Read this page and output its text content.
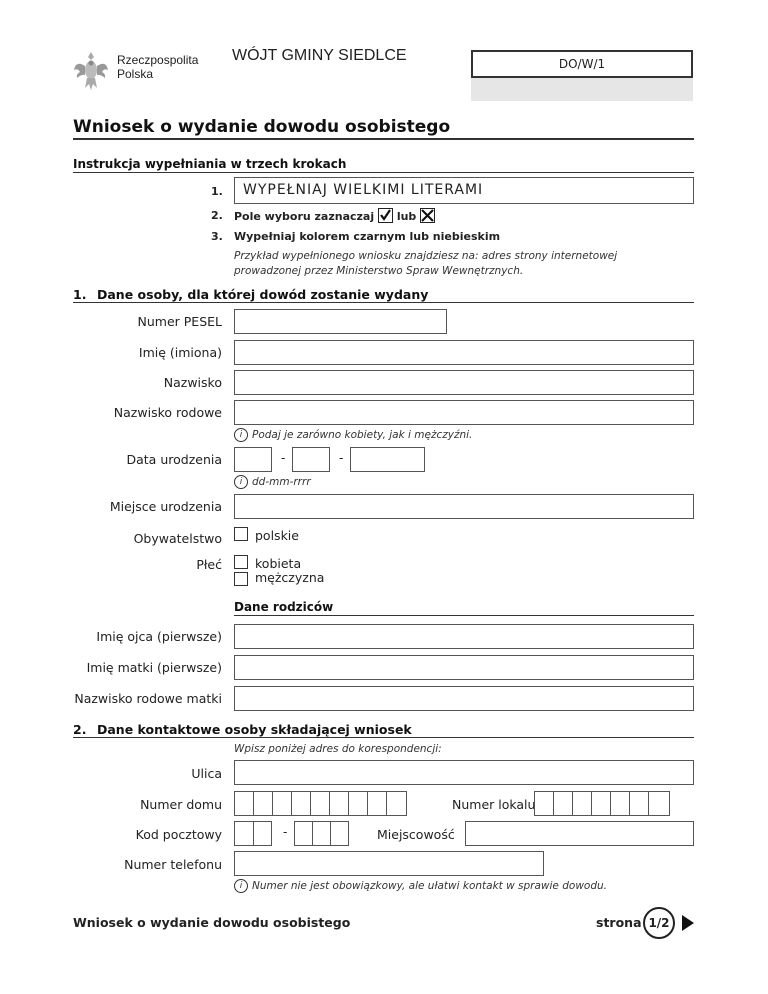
Rzeczpospolita
Polska
WÓJT GMINY SIEDLCE	DO/W/1
Wniosek o wydanie dowodu osobistego
Instrukcja wypełniania w trzech krokach
1. WYPEŁNIAJ WIELKIMI LITERAMI
2. Pole wyboru zaznaczaj lub
3. Wypełniaj kolorem czarnym lub niebieskim
Przykład wypełnionego wniosku znajdziesz na: adres strony internetowej prowadzonej przez Ministerstwo Spraw Wewnętrznych.
1. Dane osoby, dla której dowód zostanie wydany
Numer PESEL
Imię (imiona)
Nazwisko
Nazwisko rodowe
i Podaj je zarówno kobiety, jak i mężczyźni.
Data urodzenia	-	-
i dd-mm-rrrr
Miejsce urodzenia
Obywatelstwo	polskie
Płeć	kobieta
mężczyzna
Dane rodziców
Imię ojca (pierwsze)
Imię matki (pierwsze)
Nazwisko rodowe matki
2. Dane kontaktowe osoby składającej wniosek
Wpisz poniżej adres do korespondencji:
Ulica
Numer domu	Numer lokalu
Kod pocztowy	-	Miejscowość
Numer telefonu
i Numer nie jest obowiązkowy, ale ułatwi kontakt w sprawie dowodu.
Wniosek o wydanie dowodu osobistego	strona 1/2
